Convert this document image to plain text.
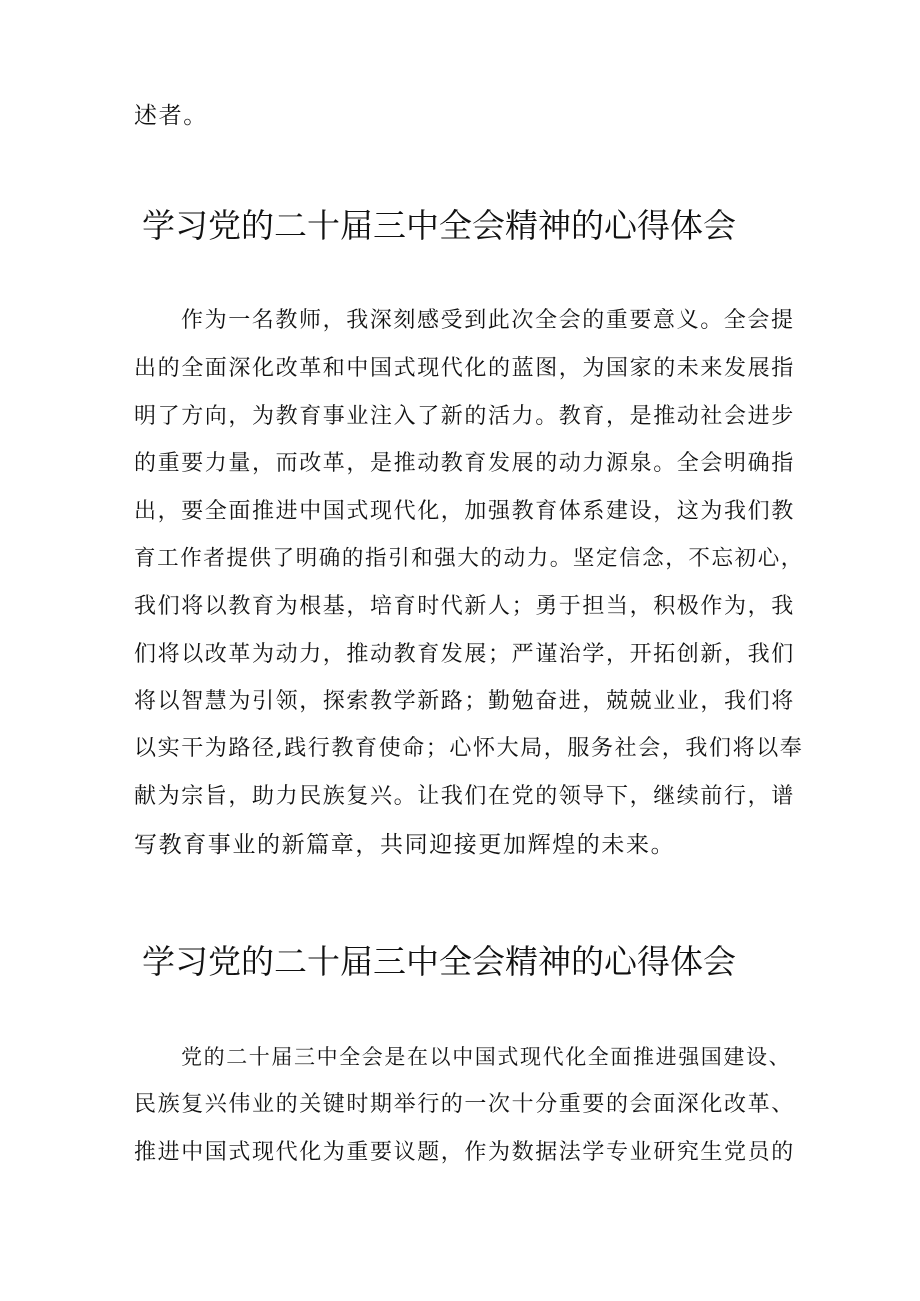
述者。
学习党的二十届三中全会精神的心得体会
作为一名教师，我深刻感受到此次全会的重要意义。全会提
出的全面深化改革和中国式现代化的蓝图，为国家的未来发展指
明了方向，为教育事业注入了新的活力。教育，是推动社会进步
的重要力量，而改革，是推动教育发展的动力源泉。全会明确指
出，要全面推进中国式现代化，加强教育体系建设，这为我们教
育工作者提供了明确的指引和强大的动力。坚定信念，不忘初心，
我们将以教育为根基，培育时代新人；勇于担当，积极作为，我
们将以改革为动力，推动教育发展；严谨治学，开拓创新，我们
将以智慧为引领，探索教学新路；勤勉奋进，兢兢业业，我们将
以实干为路径,践行教育使命；心怀大局，服务社会，我们将以奉
献为宗旨，助力民族复兴。让我们在党的领导下，继续前行，谱
写教育事业的新篇章，共同迎接更加辉煌的未来。
学习党的二十届三中全会精神的心得体会
党的二十届三中全会是在以中国式现代化全面推进强国建设、
民族复兴伟业的关键时期举行的一次十分重要的会面深化改革、
推进中国式现代化为重要议题，作为数据法学专业研究生党员的
